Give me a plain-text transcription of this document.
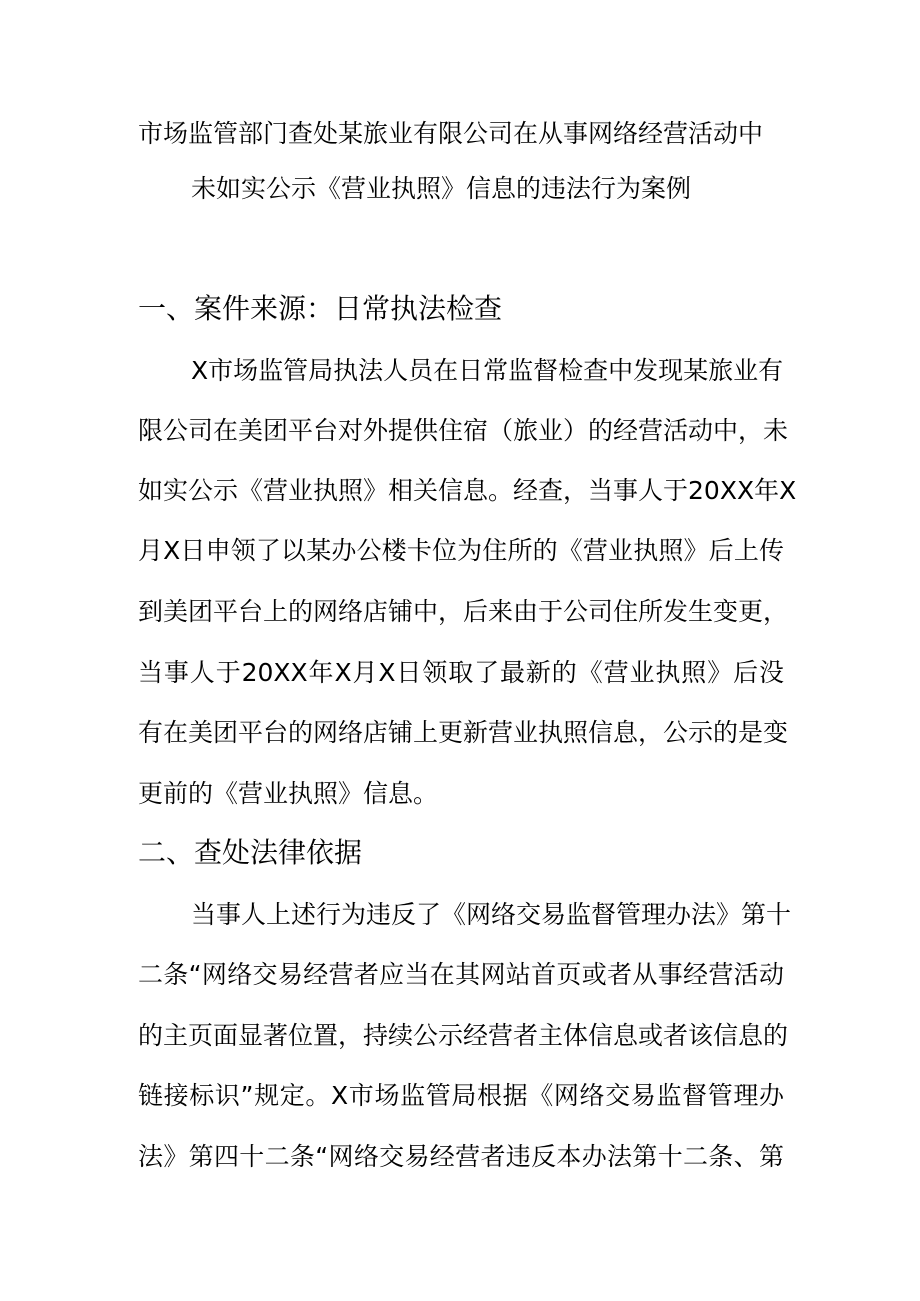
市场监管部门查处某旅业有限公司在从事网络经营活动中
未如实公示《营业执照》信息的违法行为案例
一、案件来源：日常执法检查
X市场监管局执法人员在日常监督检查中发现某旅业有
限公司在美团平台对外提供住宿（旅业）的经营活动中，未
如实公示《营业执照》相关信息。经查，当事人于20XX年X
月X日申领了以某办公楼卡位为住所的《营业执照》后上传
到美团平台上的网络店铺中，后来由于公司住所发生变更，
当事人于20XX年X月X日领取了最新的《营业执照》后没
有在美团平台的网络店铺上更新营业执照信息，公示的是变
更前的《营业执照》信息。
二、查处法律依据
当事人上述行为违反了《网络交易监督管理办法》第十
二条“网络交易经营者应当在其网站首页或者从事经营活动
的主页面显著位置，持续公示经营者主体信息或者该信息的
链接标识”规定。X市场监管局根据《网络交易监督管理办
法》第四十二条“网络交易经营者违反本办法第十二条、第
